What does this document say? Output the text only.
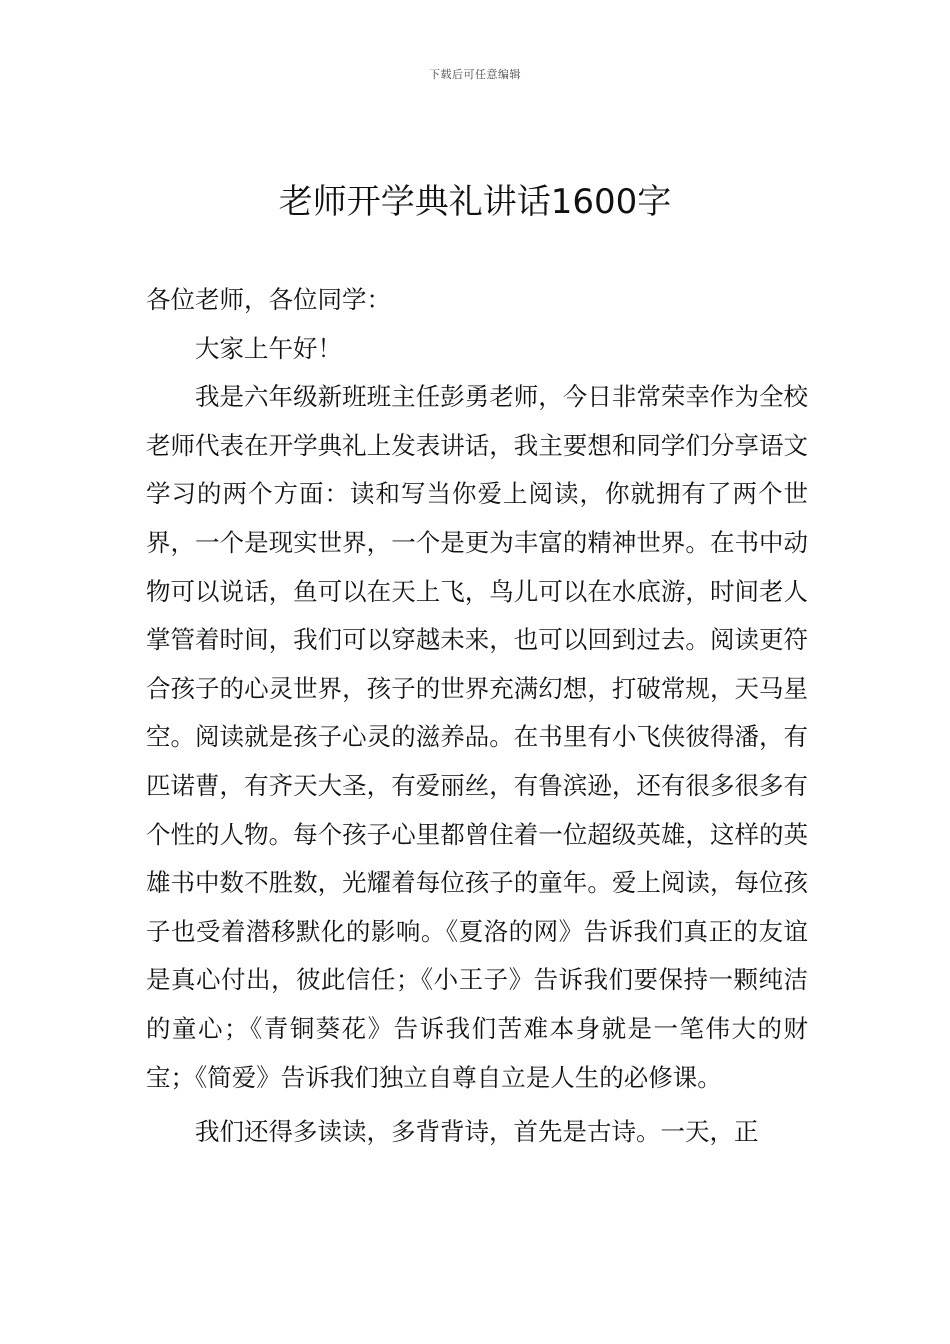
下载后可任意编辑
老师开学典礼讲话1600字

各位老师，各位同学：

大家上午好！

我是六年级新班班主任彭勇老师，今日非常荣幸作为全校老师代表在开学典礼上发表讲话，我主要想和同学们分享语文学习的两个方面：读和写当你爱上阅读，你就拥有了两个世界，一个是现实世界，一个是更为丰富的精神世界。在书中动物可以说话，鱼可以在天上飞，鸟儿可以在水底游，时间老人掌管着时间，我们可以穿越未来，也可以回到过去。阅读更符合孩子的心灵世界，孩子的世界充满幻想，打破常规，天马星空。阅读就是孩子心灵的滋养品。在书里有小飞侠彼得潘，有匹诺曹，有齐天大圣，有爱丽丝，有鲁滨逊，还有很多很多有个性的人物。每个孩子心里都曾住着一位超级英雄，这样的英雄书中数不胜数，光耀着每位孩子的童年。爱上阅读，每位孩子也受着潜移默化的影响。《夏洛的网》告诉我们真正的友谊是真心付出，彼此信任；《小王子》告诉我们要保持一颗纯洁的童心；《青铜葵花》告诉我们苦难本身就是一笔伟大的财宝；《简爱》告诉我们独立自尊自立是人生的必修课。

我们还得多读读，多背背诗，首先是古诗。一天，正
